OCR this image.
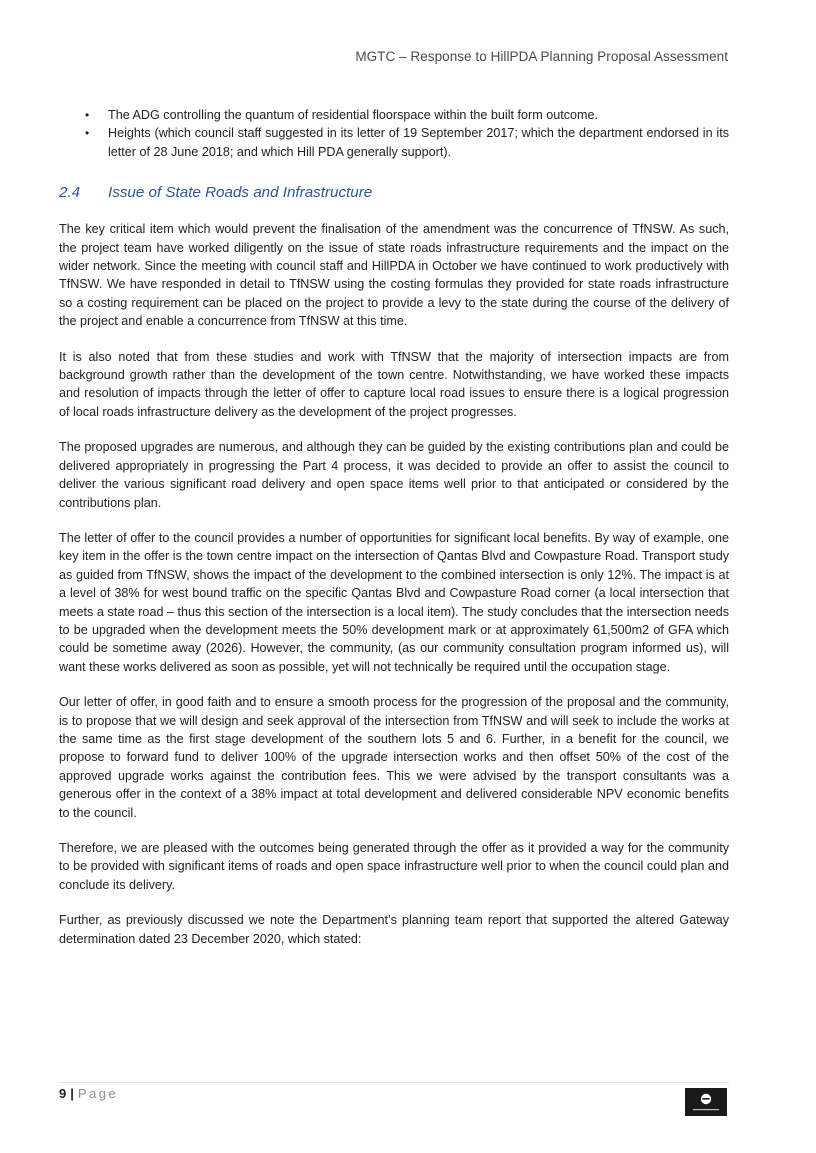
MGTC – Response to HillPDA Planning Proposal Assessment
• The ADG controlling the quantum of residential floorspace within the built form outcome.
• Heights (which council staff suggested in its letter of 19 September 2017; which the department endorsed in its letter of 28 June 2018; and which Hill PDA generally support).
2.4 Issue of State Roads and Infrastructure

The key critical item which would prevent the finalisation of the amendment was the concurrence of TfNSW. As such, the project team have worked diligently on the issue of state roads infrastructure requirements and the impact on the wider network. Since the meeting with council staff and HillPDA in October we have continued to work productively with TfNSW. We have responded in detail to TfNSW using the costing formulas they provided for state roads infrastructure so a costing requirement can be placed on the project to provide a levy to the state during the course of the delivery of the project and enable a concurrence from TfNSW at this time.

It is also noted that from these studies and work with TfNSW that the majority of intersection impacts are from background growth rather than the development of the town centre. Notwithstanding, we have worked these impacts and resolution of impacts through the letter of offer to capture local road issues to ensure there is a logical progression of local roads infrastructure delivery as the development of the project progresses.

The proposed upgrades are numerous, and although they can be guided by the existing contributions plan and could be delivered appropriately in progressing the Part 4 process, it was decided to provide an offer to assist the council to deliver the various significant road delivery and open space items well prior to that anticipated or considered by the contributions plan.

The letter of offer to the council provides a number of opportunities for significant local benefits. By way of example, one key item in the offer is the town centre impact on the intersection of Qantas Blvd and Cowpasture Road. Transport study as guided from TfNSW, shows the impact of the development to the combined intersection is only 12%. The impact is at a level of 38% for west bound traffic on the specific Qantas Blvd and Cowpasture Road corner (a local intersection that meets a state road – thus this section of the intersection is a local item). The study concludes that the intersection needs to be upgraded when the development meets the 50% development mark or at approximately 61,500m2 of GFA which could be sometime away (2026). However, the community, (as our community consultation program informed us), will want these works delivered as soon as possible, yet will not technically be required until the occupation stage.

Our letter of offer, in good faith and to ensure a smooth process for the progression of the proposal and the community, is to propose that we will design and seek approval of the intersection from TfNSW and will seek to include the works at the same time as the first stage development of the southern lots 5 and 6. Further, in a benefit for the council, we propose to forward fund to deliver 100% of the upgrade intersection works and then offset 50% of the cost of the approved upgrade works against the contribution fees. This we were advised by the transport consultants was a generous offer in the context of a 38% impact at total development and delivered considerable NPV economic benefits to the council.

Therefore, we are pleased with the outcomes being generated through the offer as it provided a way for the community to be provided with significant items of roads and open space infrastructure well prior to when the council could plan and conclude its delivery.

Further, as previously discussed we note the Department’s planning team report that supported the altered Gateway determination dated 23 December 2020, which stated:

9 | Page
